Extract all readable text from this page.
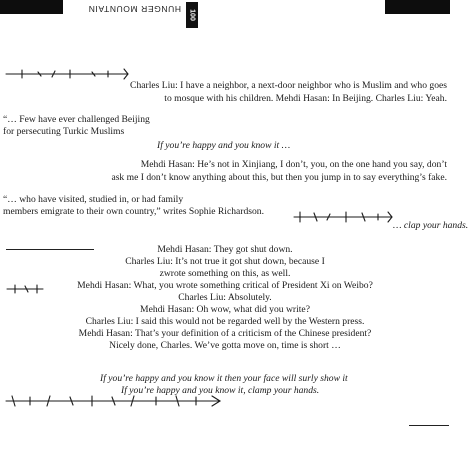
HUNGER MOUNTAIN
100
Charles Liu: I have a neighbor, a next-door neighbor who is Muslim and who goes
to mosque with his children. Mehdi Hasan: In Beijing. Charles Liu: Yeah.
“… Few have ever challenged Beijing
for persecuting Turkic Muslims
If you’re happy and you know it …
Mehdi Hasan: He’s not in Xinjiang, I don’t, you, on the one hand you say, don’t
ask me I don’t know anything about this, but then you jump in to say everything’s fake.
“… who have visited, studied in, or had family
members emigrate to their own country,” writes Sophie Richardson.
… clap your hands.
Mehdi Hasan: They got shut down.
Charles Liu: It’s not true it got shut down, because I
zwrote something on this, as well.
Mehdi Hasan: What, you wrote something critical of President Xi on Weibo?
Charles Liu: Absolutely.
Mehdi Hasan: Oh wow, what did you write?
Charles Liu: I said this would not be regarded well by the Western press.
Mehdi Hasan: That’s your definition of a criticism of the Chinese president?
Nicely done, Charles. We’ve gotta move on, time is short …
If you’re happy and you know it then your face will surly show it
If you’re happy and you know it, clamp your hands.
